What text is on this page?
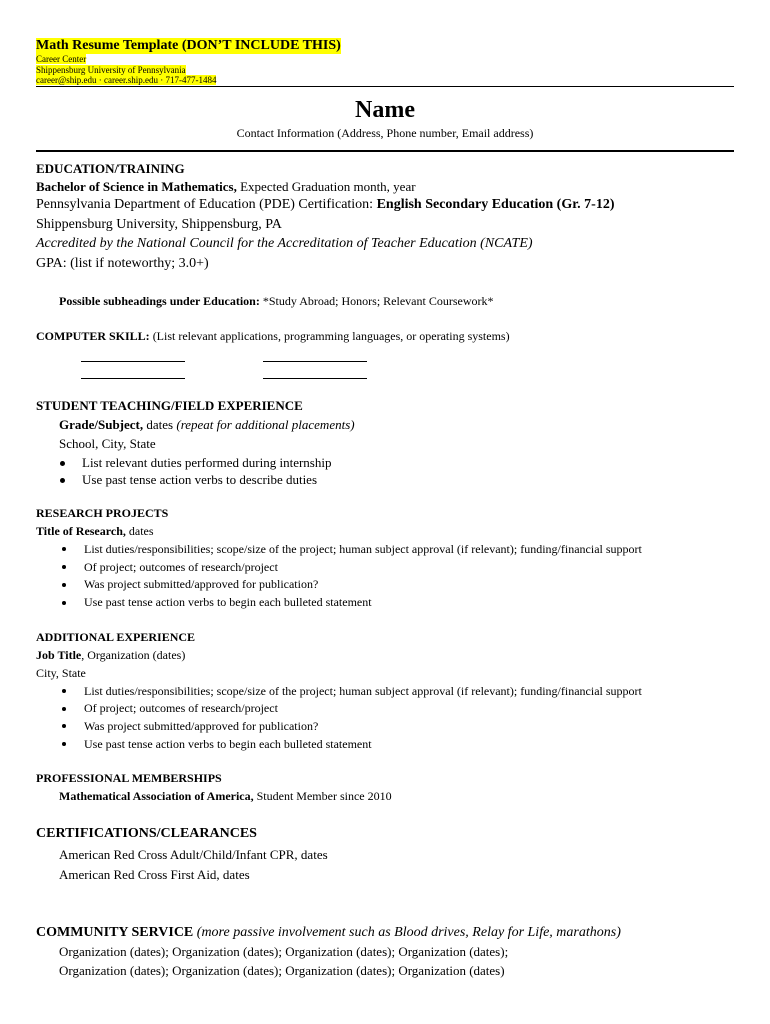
Math Resume Template (DON’T INCLUDE THIS)
Career Center
Shippensburg University of Pennsylvania
career@ship.edu · career.ship.edu · 717-477-1484
Name
Contact Information (Address, Phone number, Email address)
EDUCATION/TRAINING
Bachelor of Science in Mathematics, Expected Graduation month, year
Pennsylvania Department of Education (PDE) Certification: English Secondary Education (Gr. 7-12)
Shippensburg University, Shippensburg, PA
Accredited by the National Council for the Accreditation of Teacher Education (NCATE)
GPA: (list if noteworthy; 3.0+)
Possible subheadings under Education: *Study Abroad; Honors; Relevant Coursework*
COMPUTER SKILL: (List relevant applications, programming languages, or operating systems)
STUDENT TEACHING/FIELD EXPERIENCE
Grade/Subject, dates (repeat for additional placements)
School, City, State
List relevant duties performed during internship
Use past tense action verbs to describe duties
RESEARCH PROJECTS
Title of Research, dates
List duties/responsibilities; scope/size of the project; human subject approval (if relevant); funding/financial support
Of project; outcomes of research/project
Was project submitted/approved for publication?
Use past tense action verbs to begin each bulleted statement
ADDITIONAL EXPERIENCE
Job Title, Organization (dates)
City, State
List duties/responsibilities; scope/size of the project; human subject approval (if relevant); funding/financial support
Of project; outcomes of research/project
Was project submitted/approved for publication?
Use past tense action verbs to begin each bulleted statement
PROFESSIONAL MEMBERSHIPS
Mathematical Association of America, Student Member since 2010
CERTIFICATIONS/CLEARANCES
American Red Cross Adult/Child/Infant CPR, dates
American Red Cross First Aid, dates
COMMUNITY SERVICE (more passive involvement such as Blood drives, Relay for Life, marathons)
Organization (dates); Organization (dates); Organization (dates); Organization (dates);
Organization (dates); Organization (dates); Organization (dates); Organization (dates)
